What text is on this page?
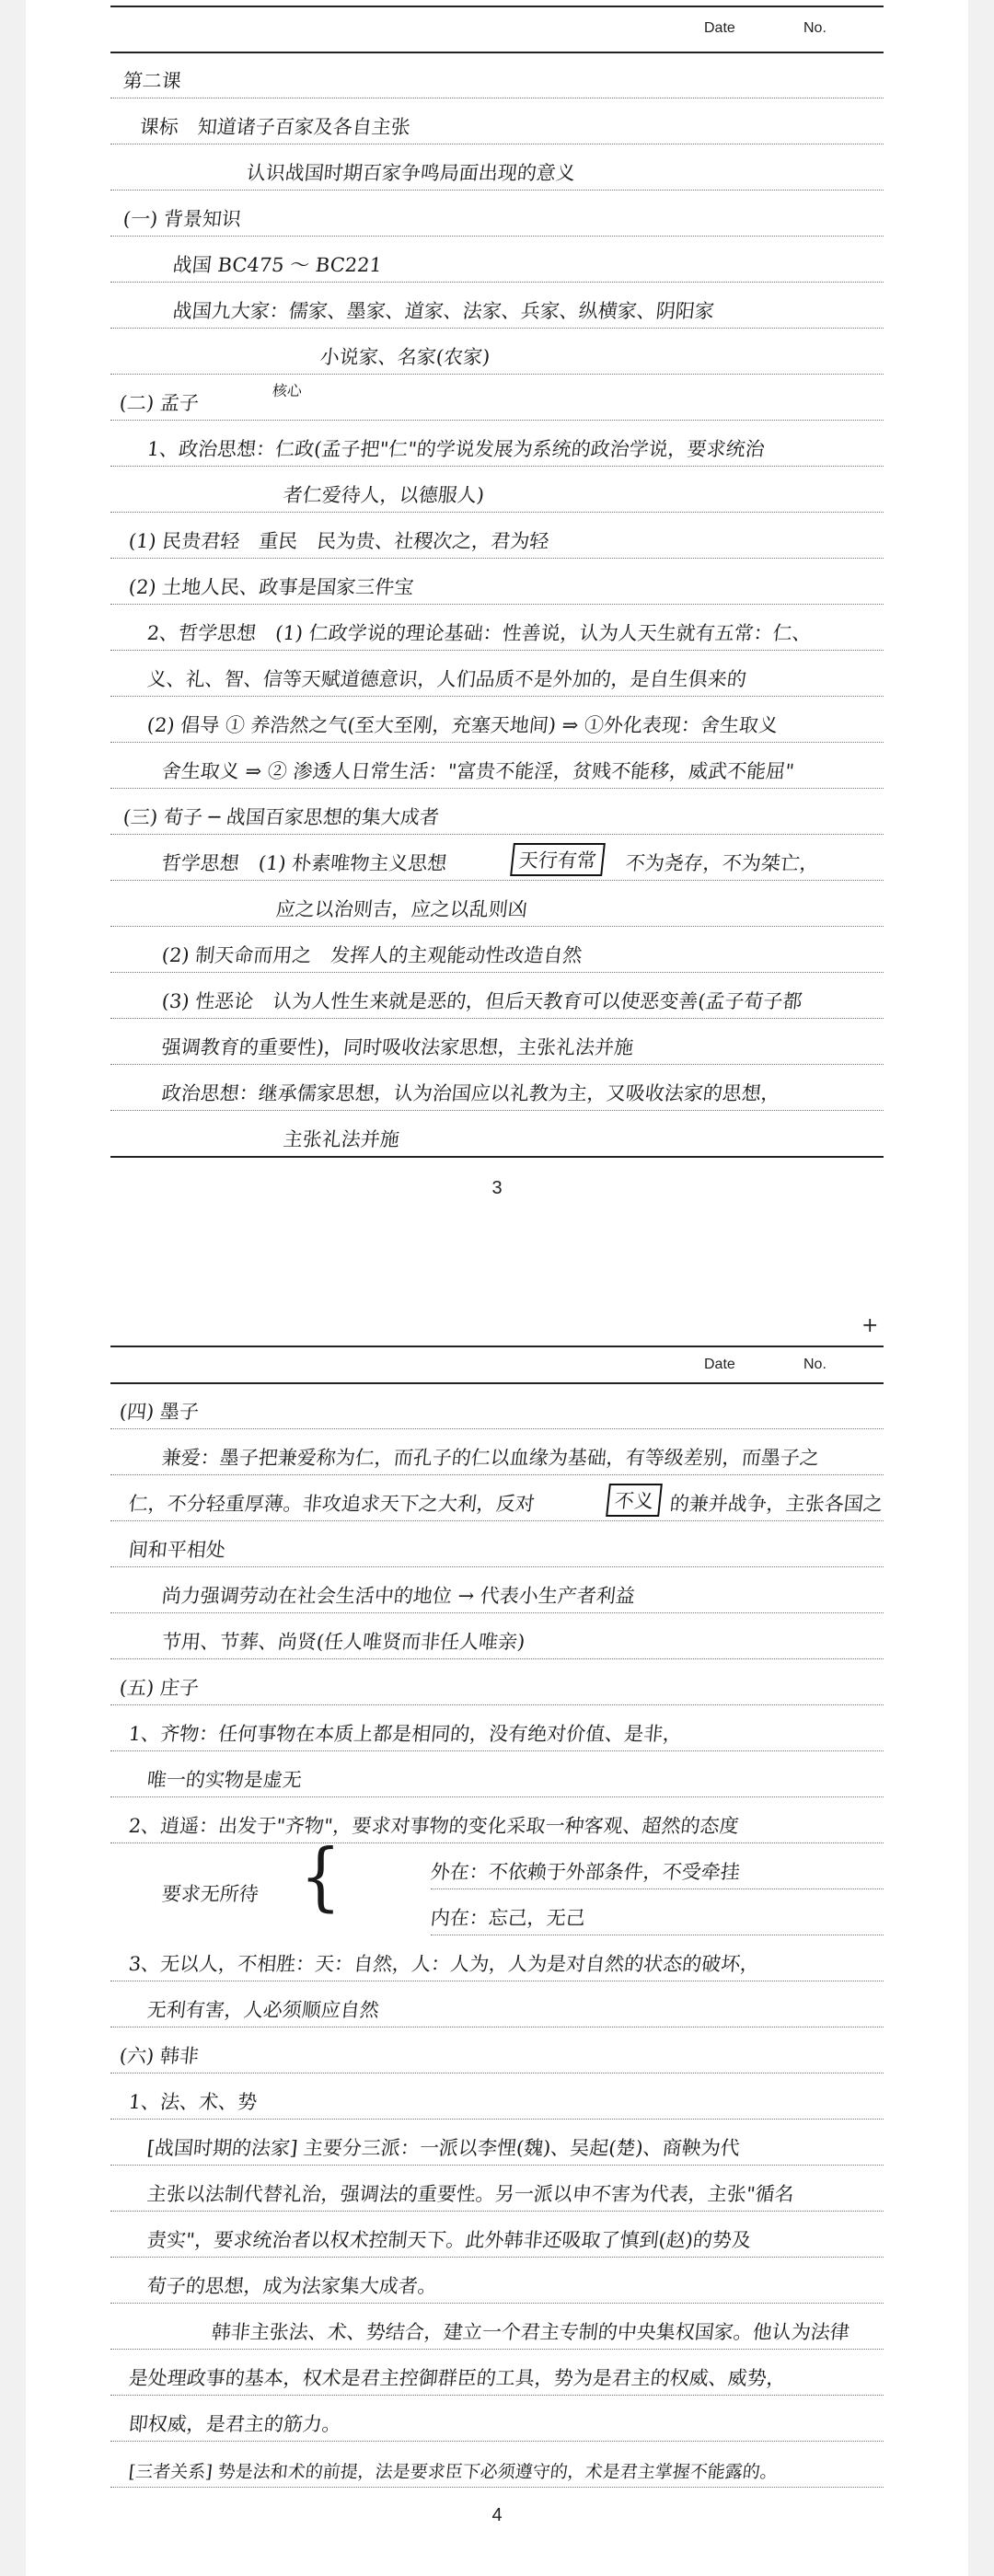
Date	No.
第二课
课标　知道诸子百家及各自主张
认识战国时期百家争鸣局面出现的意义
(一) 背景知识
战国 BC475 ～ BC221
战国九大家：儒家、墨家、道家、法家、兵家、纵横家、阴阳家
小说家、名家(农家)
(二) 孟子
核心
1、政治思想：仁政(孟子把"仁"的学说发展为系统的政治学说，要求统治
者仁爱待人，以德服人)
(1) 民贵君轻　重民　民为贵、社稷次之，君为轻
(2) 土地人民、政事是国家三件宝
2、哲学思想　(1) 仁政学说的理论基础：性善说，认为人天生就有五常：仁、
义、礼、智、信等天赋道德意识，人们品质不是外加的，是自生俱来的
(2) 倡导 ① 养浩然之气(至大至刚，充塞天地间) ⇒ ①外化表现：舍生取义
舍生取义 ⇒ ② 渗透人日常生活："富贵不能淫，贫贱不能移，威武不能屈"
(三) 荀子 ─ 战国百家思想的集大成者
哲学思想　(1) 朴素唯物主义思想	天行有常	不为尧存，不为桀亡，
应之以治则吉，应之以乱则凶
(2) 制天命而用之　发挥人的主观能动性改造自然
(3) 性恶论　认为人性生来就是恶的，但后天教育可以使恶变善(孟子荀子都
强调教育的重要性)，同时吸收法家思想，主张礼法并施
政治思想：继承儒家思想，认为治国应以礼教为主，又吸收法家的思想，
主张礼法并施
3
+
Date	No.
(四) 墨子
兼爱：墨子把兼爱称为仁，而孔子的仁以血缘为基础，有等级差别，而墨子之
仁，不分轻重厚薄。非攻追求天下之大利，反对	不义 的兼并战争，主张各国之
间和平相处
尚力强调劳动在社会生活中的地位 → 代表小生产者利益
节用、节葬、尚贤(任人唯贤而非任人唯亲)
(五) 庄子
1、齐物：任何事物在本质上都是相同的，没有绝对价值、是非，
唯一的实物是虚无
2、逍遥：出发于"齐物"，要求对事物的变化采取一种客观、超然的态度
要求无所待 {	外在：不依赖于外部条件，不受牵挂
内在：忘己，无己
3、无以人，不相胜：天：自然，人：人为，人为是对自然的状态的破坏，
无利有害，人必须顺应自然
(六) 韩非
1、法、术、势
[战国时期的法家] 主要分三派：一派以李悝(魏)、吴起(楚)、商鞅为代
主张以法制代替礼治，强调法的重要性。另一派以申不害为代表，主张"循名
责实"，要求统治者以权术控制天下。此外韩非还吸取了慎到(赵)的势及
荀子的思想，成为法家集大成者。
韩非主张法、术、势结合，建立一个君主专制的中央集权国家。他认为法律
是处理政事的基本，权术是君主控御群臣的工具，势为是君主的权威、威势，
即权威，是君主的筋力。
[三者关系] 势是法和术的前提，法是要求臣下必须遵守的，术是君主掌握不能露的。
4
